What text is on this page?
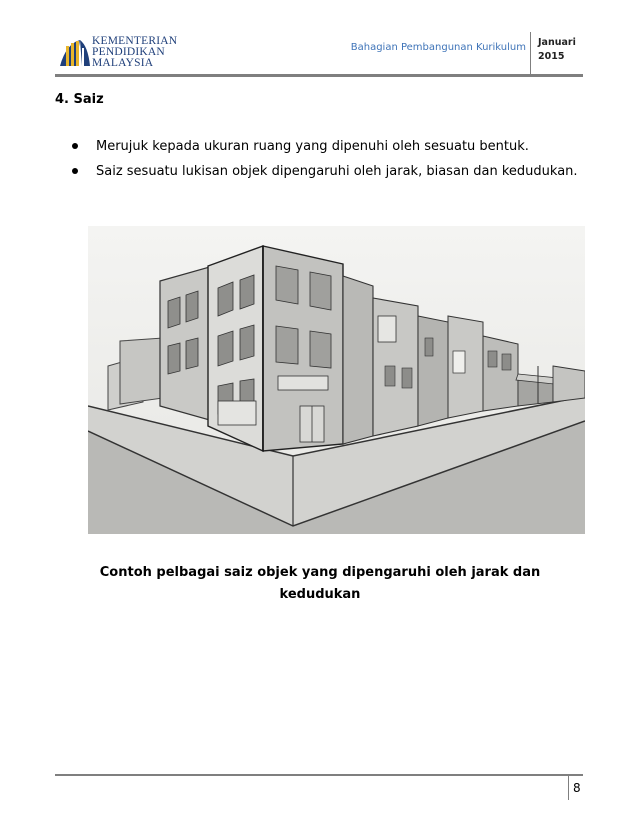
KEMENTERIAN
PENDIDIKAN
MALAYSIA
Bahagian Pembangunan Kurikulum Januari
2015
4. Saiz
Merujuk kepada ukuran ruang yang dipenuhi oleh sesuatu bentuk.
Saiz sesuatu lukisan objek dipengaruhi oleh jarak, biasan dan kedudukan.
Contoh pelbagai saiz objek yang dipengaruhi oleh jarak dan
kedudukan
8
